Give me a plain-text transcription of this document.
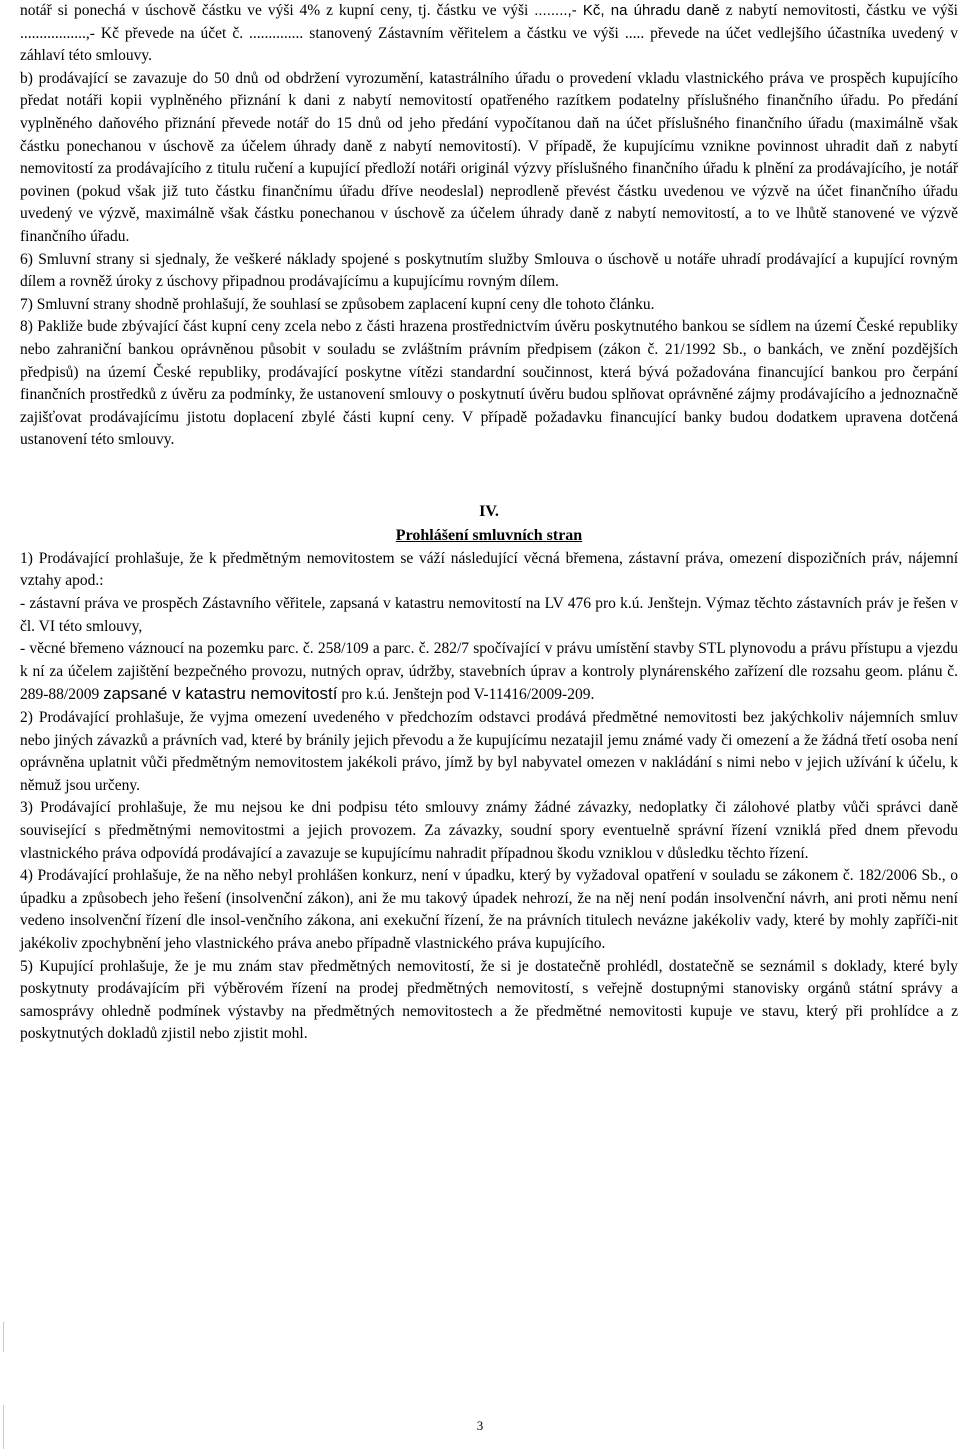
notář si ponechá v úschově částku ve výši 4% z kupní ceny, tj. částku ve výši ........,- Kč, na úhradu daně z nabytí nemovitosti, částku ve výši .................,- Kč převede na účet č. .............. stanovený Zástavním věřitelem a částku ve výši ..... převede na účet vedlejšího účastníka uvedený v záhlaví této smlouvy.

b) prodávající se zavazuje do 50 dnů od obdržení vyrozumění, katastrálního úřadu o provedení vkladu vlastnického práva ve prospěch kupujícího předat notáři kopii vyplněného přiznání k dani z nabytí nemovitostí opatřeného razítkem podatelny příslušného finančního úřadu. Po předání vyplněného daňového přiznání převede notář do 15 dnů od jeho předání vypočítanou daň na účet příslušného finančního úřadu (maximálně však částku ponechanou v úschově za účelem úhrady daně z nabytí nemovitostí). V případě, že kupujícímu vznikne povinnost uhradit daň z nabytí nemovitostí za prodávajícího z titulu ručení a kupující předloží notáři originál výzvy příslušného finančního úřadu k plnění za prodávajícího, je notář povinen (pokud však již tuto částku finančnímu úřadu dříve neodeslal) neprodleně převést částku uvedenou ve výzvě na účet finančního úřadu uvedený ve výzvě, maximálně však částku ponechanou v úschově za účelem úhrady daně z nabytí nemovitostí, a to ve lhůtě stanovené ve výzvě finančního úřadu.

6) Smluvní strany si sjednaly, že veškeré náklady spojené s poskytnutím služby Smlouva o úschově u notáře uhradí prodávající a kupující rovným dílem a rovněž úroky z úschovy připadnou prodávajícímu a kupujícímu rovným dílem.

7) Smluvní strany shodně prohlašují, že souhlasí se způsobem zaplacení kupní ceny dle tohoto článku.

8) Pakliže bude zbývající část kupní ceny zcela nebo z části hrazena prostřednictvím úvěru poskytnutého bankou se sídlem na území České republiky nebo zahraniční bankou oprávněnou působit v souladu se zvláštním právním předpisem (zákon č. 21/1992 Sb., o bankách, ve znění pozdějších předpisů) na území České republiky, prodávající poskytne vítězi standardní součinnost, která bývá požadována financující bankou pro čerpání finančních prostředků z úvěru za podmínky, že ustanovení smlouvy o poskytnutí úvěru budou splňovat oprávněné zájmy prodávajícího a jednoznačně zajišťovat prodávajícímu jistotu doplacení zbylé části kupní ceny. V případě požadavku financující banky budou dodatkem upravena dotčená ustanovení této smlouvy.

IV.

Prohlášení smluvních stran

1) Prodávající prohlašuje, že k předmětným nemovitostem se váží následující věcná břemena, zástavní práva, omezení dispozičních práv, nájemní vztahy apod.:

- zástavní práva ve prospěch Zástavního věřitele, zapsaná v katastru nemovitostí na LV 476 pro k.ú. Jenštejn. Výmaz těchto zástavních práv je řešen v čl. VI této smlouvy,

- věcné břemeno váznoucí na pozemku parc. č. 258/109 a parc. č. 282/7 spočívající v právu umístění stavby STL plynovodu a právu přístupu a vjezdu k ní za účelem zajištění bezpečného provozu, nutných oprav, údržby, stavebních úprav a kontroly plynárenského zařízení dle rozsahu geom. plánu č. 289-88/2009 zapsané v katastru nemovitostí pro k.ú. Jenštejn pod V-11416/2009-209.

2) Prodávající prohlašuje, že vyjma omezení uvedeného v předchozím odstavci prodává předmětné nemovitosti bez jakýchkoliv nájemních smluv nebo jiných závazků a právních vad, které by bránily jejich převodu a že kupujícímu nezatajil jemu známé vady či omezení a že žádná třetí osoba není oprávněna uplatnit vůči předmětným nemovitostem jakékoli právo, jímž by byl nabyvatel omezen v nakládání s nimi nebo v jejich užívání k účelu, k němuž jsou určeny.

3) Prodávající prohlašuje, že mu nejsou ke dni podpisu této smlouvy známy žádné závazky, nedoplatky či zálohové platby vůči správci daně související s předmětnými nemovitostmi a jejich provozem. Za závazky, soudní spory eventuelně správní řízení vzniklá před dnem převodu vlastnického práva odpovídá prodávající a zavazuje se kupujícímu nahradit případnou škodu vzniklou v důsledku těchto řízení.

4) Prodávající prohlašuje, že na něho nebyl prohlášen konkurz, není v úpadku, který by vyžadoval opatření v souladu se zákonem č. 182/2006 Sb., o úpadku a způsobech jeho řešení (insolvenční zákon), ani že mu takový úpadek nehrozí, že na něj není podán insolvenční návrh, ani proti němu není vedeno insolvenční řízení dle insol-venčního zákona, ani exekuční řízení, že na právních titulech nevázne jakékoliv vady, které by mohly zapříči-nit jakékoliv zpochybnění jeho vlastnického práva anebo případně vlastnického práva kupujícího.

5) Kupující prohlašuje, že je mu znám stav předmětných nemovitostí, že si je dostatečně prohlédl, dostatečně se seznámil s doklady, které byly poskytnuty prodávajícím při výběrovém řízení na prodej předmětných nemovitostí, s veřejně dostupnými stanovisky orgánů státní správy a samosprávy ohledně podmínek výstavby na předmětných nemovitostech a že předmětné nemovitosti kupuje ve stavu, který při prohlídce a z poskytnutých dokladů zjistil nebo zjistit mohl.

3
